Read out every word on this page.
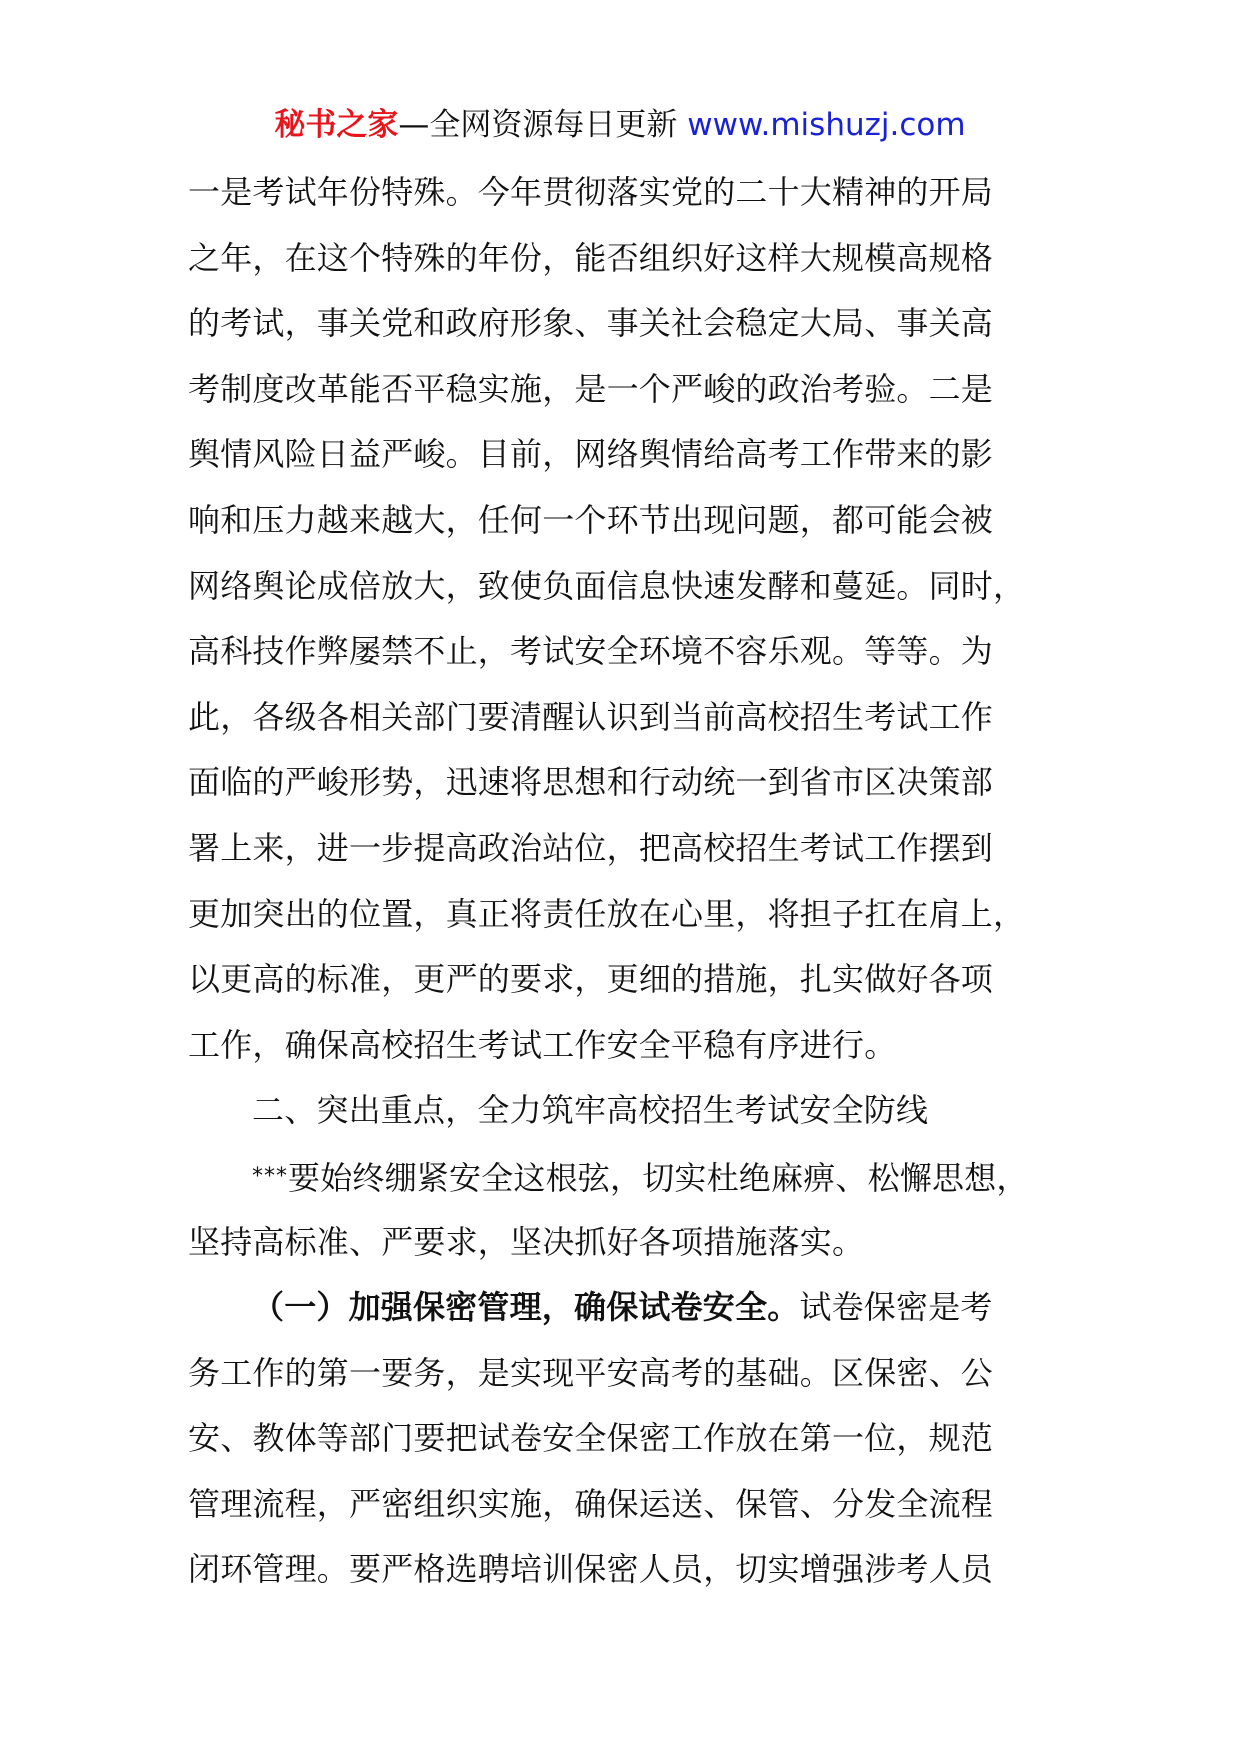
秘书之家—全网资源每日更新 www.mishuzj.com
一是考试年份特殊。今年贯彻落实党的二十大精神的开局
之年，在这个特殊的年份，能否组织好这样大规模高规格
的考试，事关党和政府形象、事关社会稳定大局、事关高
考制度改革能否平稳实施，是一个严峻的政治考验。二是
舆情风险日益严峻。目前，网络舆情给高考工作带来的影
响和压力越来越大，任何一个环节出现问题，都可能会被
网络舆论成倍放大，致使负面信息快速发酵和蔓延。同时，
高科技作弊屡禁不止，考试安全环境不容乐观。等等。为
此，各级各相关部门要清醒认识到当前高校招生考试工作
面临的严峻形势，迅速将思想和行动统一到省市区决策部
署上来，进一步提高政治站位，把高校招生考试工作摆到
更加突出的位置，真正将责任放在心里，将担子扛在肩上，
以更高的标准，更严的要求，更细的措施，扎实做好各项
工作，确保高校招生考试工作安全平稳有序进行。
二、突出重点，全力筑牢高校招生考试安全防线
***要始终绷紧安全这根弦，切实杜绝麻痹、松懈思想，
坚持高标准、严要求，坚决抓好各项措施落实。
（一）加强保密管理，确保试卷安全。试卷保密是考
务工作的第一要务，是实现平安高考的基础。区保密、公
安、教体等部门要把试卷安全保密工作放在第一位，规范
管理流程，严密组织实施，确保运送、保管、分发全流程
闭环管理。要严格选聘培训保密人员，切实增强涉考人员
